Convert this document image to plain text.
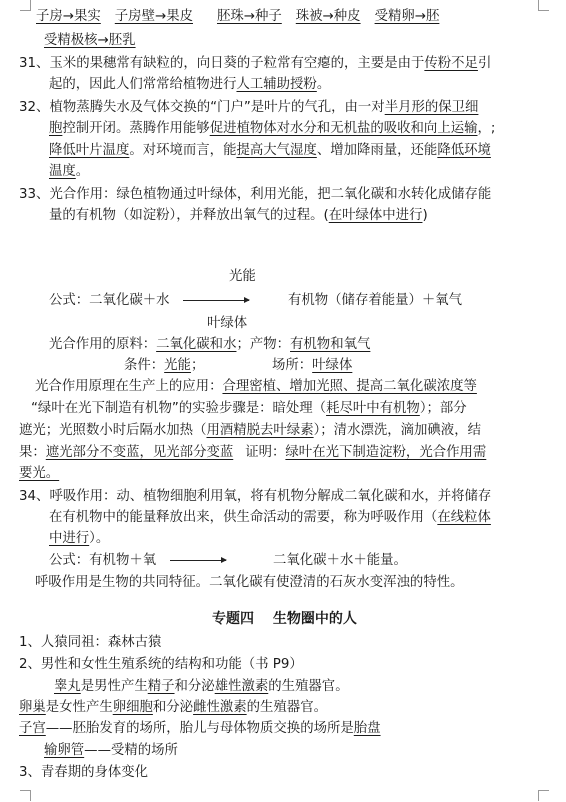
子房→果实 子房壁→果皮 胚珠→种子 珠被→种皮 受精卵→胚
受精极核→胚乳
31、玉米的果穗常有缺粒的，向日葵的子粒常有空瘪的，主要是由于传粉不足引
起的，因此人们常常给植物进行人工辅助授粉。
32、植物蒸腾失水及气体交换的“门户”是叶片的气孔，由一对半月形的保卫细
胞控制开闭。蒸腾作用能够促进植物体对水分和无机盐的吸收和向上运输，;
降低叶片温度。对环境而言，能提高大气湿度、增加降雨量，还能降低环境
温度。
33、光合作用：绿色植物通过叶绿体，利用光能，把二氧化碳和水转化成储存能
量的有机物（如淀粉），并释放出氧气的过程。(在叶绿体中进行)
光能
公式：二氧化碳＋水	有机物（储存着能量）＋氧气
叶绿体
光合作用的原料：二氧化碳和水；产物：有机物和氧气
条件：光能；	场所：叶绿体
光合作用原理在生产上的应用：合理密植、增加光照、提高二氧化碳浓度等
“绿叶在光下制造有机物”的实验步骤是：暗处理（耗尽叶中有机物）；部分
遮光；光照数小时后隔水加热（用酒精脱去叶绿素）；清水漂洗，滴加碘液，结
果：遮光部分不变蓝，见光部分变蓝 证明：绿叶在光下制造淀粉，光合作用需
要光。
34、呼吸作用：动、植物细胞利用氧，将有机物分解成二氧化碳和水，并将储存
在有机物中的能量释放出来，供生命活动的需要，称为呼吸作用（在线粒体
中进行）。
公式：有机物＋氧	二氧化碳＋水＋能量。
呼吸作用是生物的共同特征。二氧化碳有使澄清的石灰水变浑浊的特性。
专题四　 生物圈中的人
1、人猿同祖：森林古猿
2、男性和女性生殖系统的结构和功能（书 P9）
睾丸是男性产生精子和分泌雄性激素的生殖器官。
卵巢是女性产生卵细胞和分泌雌性激素的生殖器官。
子宫——胚胎发育的场所，胎儿与母体物质交换的场所是胎盘
输卵管——受精的场所
3、青春期的身体变化
